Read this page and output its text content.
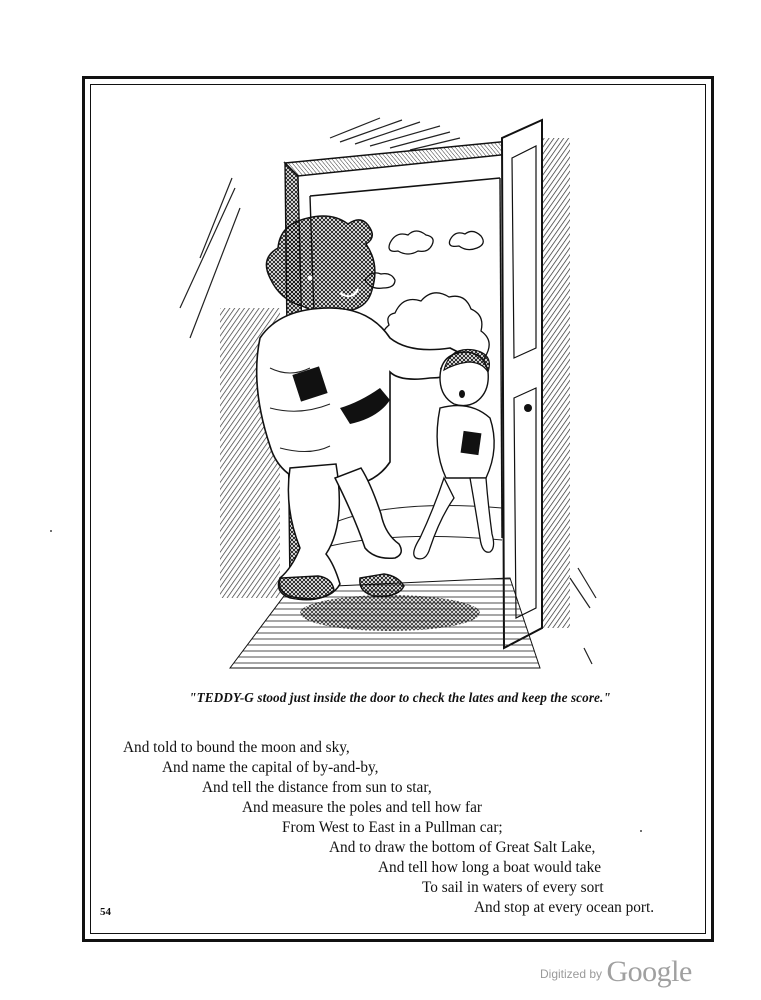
"TEDDY-G stood just inside the door to check the lates and keep the score."
And told to bound the moon and sky,
And name the capital of by-and-by,
And tell the distance from sun to star,
And measure the poles and tell how far
From West to East in a Pullman car;
And to draw the bottom of Great Salt Lake,
And tell how long a boat would take
To sail in waters of every sort
And stop at every ocean port.
54
Digitized by Google
